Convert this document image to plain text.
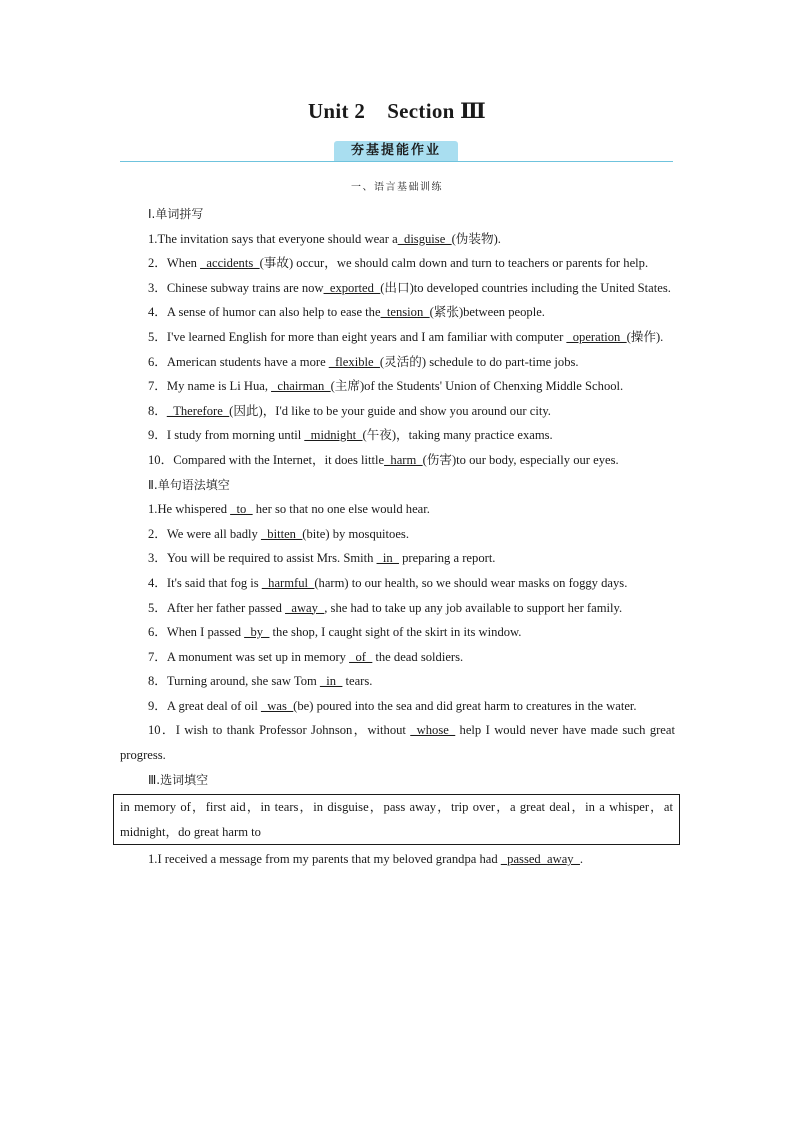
Unit 2 Section Ⅲ
夯基提能作业
一、语言基础训练
Ⅰ.单词拼写
1.The invitation says that everyone should wear a_disguise_(伪装物).
2．When _accidents_(事故) occur，we should calm down and turn to teachers or parents for help.
3．Chinese subway trains are now_exported_(出口)to developed countries including the United States.
4．A sense of humor can also help to ease the_tension_(紧张)between people.
5．I've learned English for more than eight years and I am familiar with computer _operation_(操作).
6．American students have a more _flexible_(灵活的) schedule to do part-time jobs.
7．My name is Li Hua, _chairman_(主席)of the Students' Union of Chenxing Middle School.
8．_Therefore_(因此)，I'd like to be your guide and show you around our city.
9．I study from morning until _midnight_(午夜)，taking many practice exams.
10．Compared with the Internet，it does little_harm_(伤害)to our body, especially our eyes.
Ⅱ.单句语法填空
1.He whispered _to_ her so that no one else would hear.
2．We were all badly _bitten_(bite) by mosquitoes.
3．You will be required to assist Mrs. Smith _in_ preparing a report.
4．It's said that fog is _harmful_(harm) to our health, so we should wear masks on foggy days.
5．After her father passed _away_, she had to take up any job available to support her family.
6．When I passed _by_ the shop, I caught sight of the skirt in its window.
7．A monument was set up in memory _of_ the dead soldiers.
8．Turning around, she saw Tom _in_ tears.
9．A great deal of oil _was_(be) poured into the sea and did great harm to creatures in the water.
10．I wish to thank Professor Johnson，without _whose_ help I would never have made such great progress.
Ⅲ.选词填空
in memory of，first aid，in tears，in disguise，pass away，trip over，a great deal，in a whisper，at midnight，do great harm to
1.I received a message from my parents that my beloved grandpa had _passed_away_.
